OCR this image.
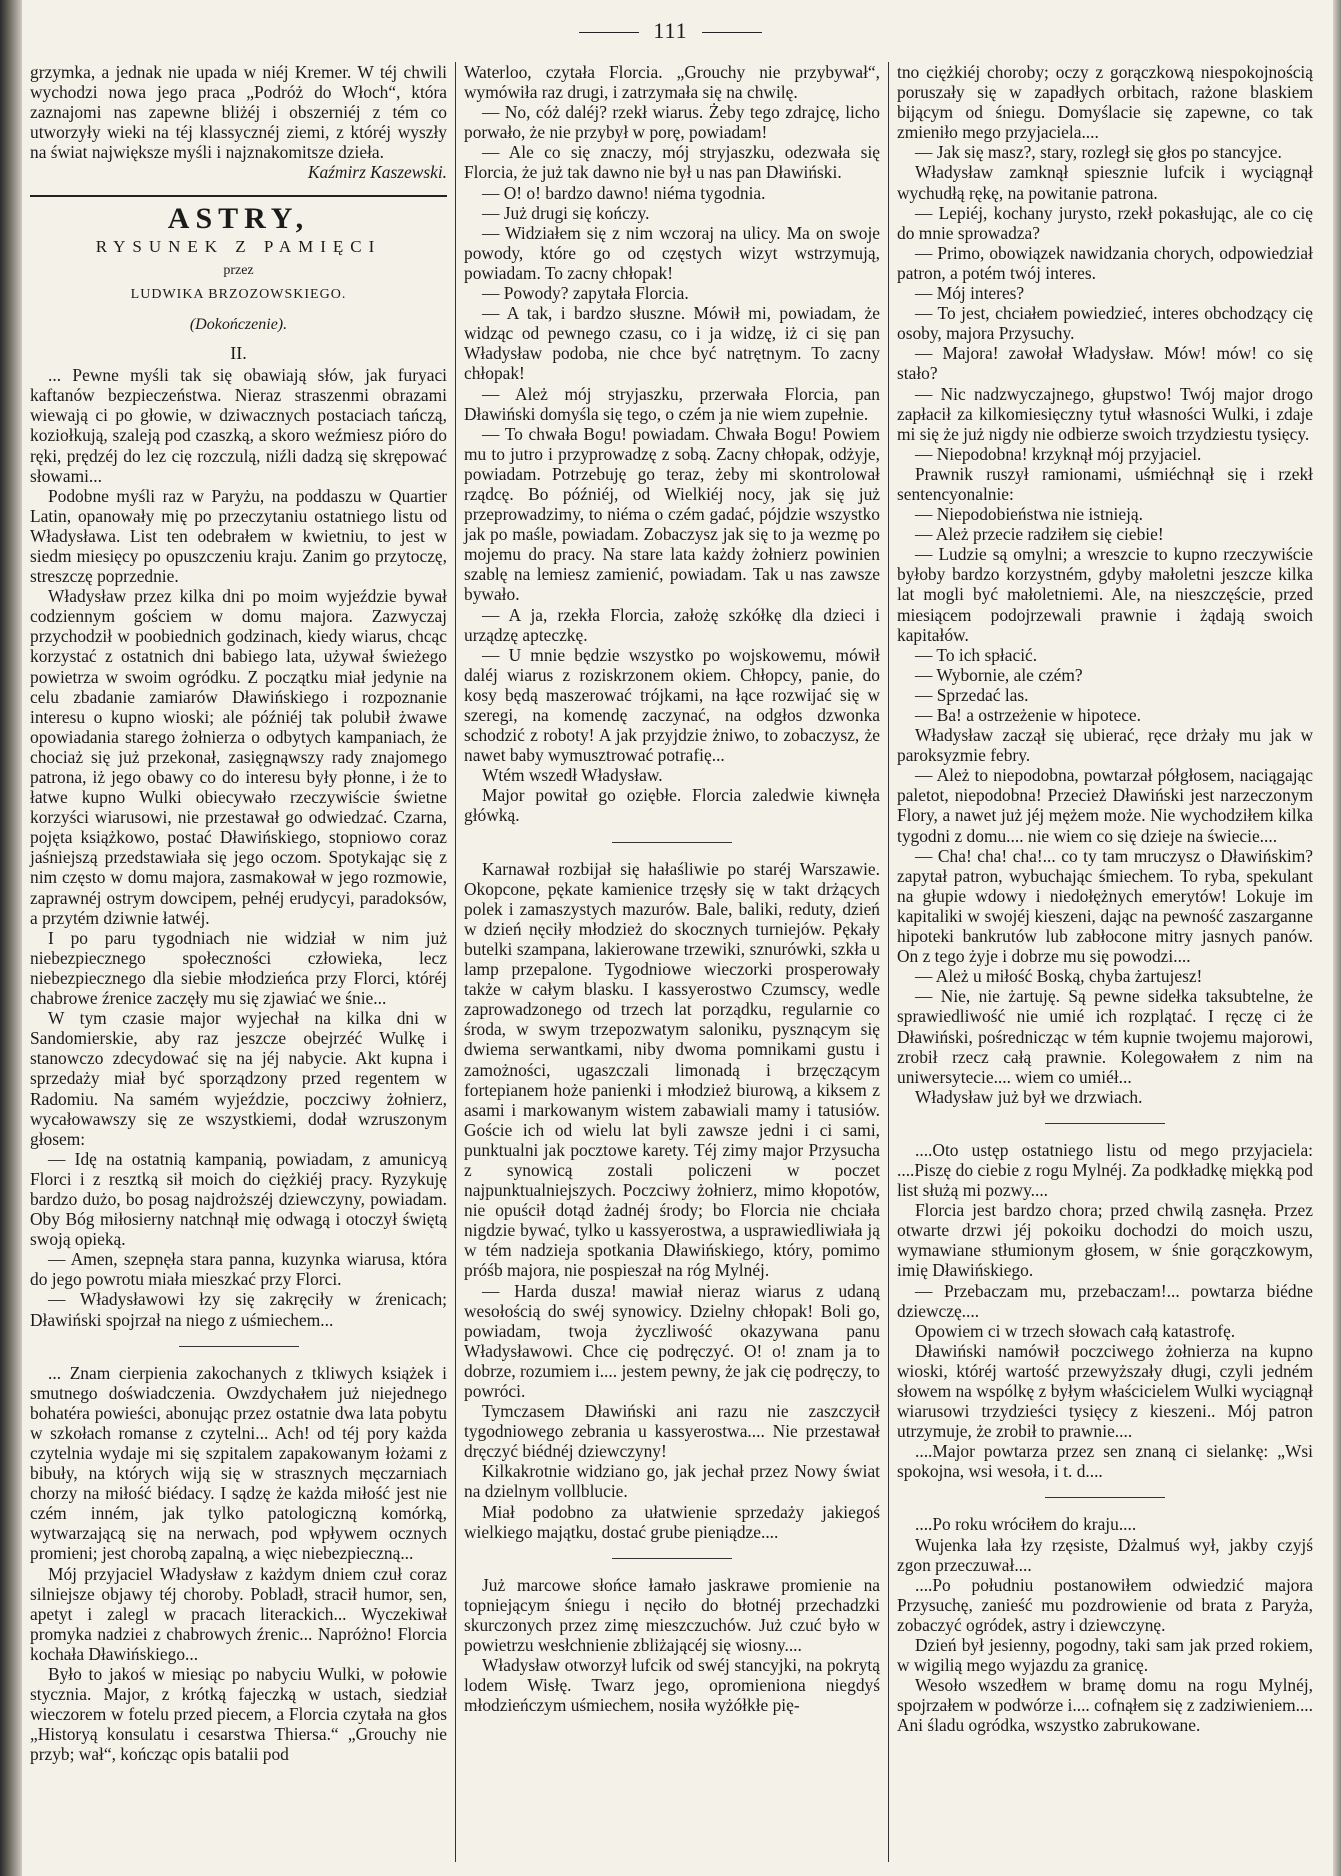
111

grzymka, a jednak nie upada w niéj Kremer. W téj chwili wychodzi nowa jego praca „Podróż do Włoch“, która zaznajomi nas zapewne bliżéj i obszerniéj z tém co utworzyły wieki na téj klassycznéj ziemi, z któréj wyszły na świat największe myśli i najznakomitsze dzieła.

Kaźmirz Kaszewski.

ASTRY,
RYSUNEK Z PAMIĘCI
przez
LUDWIKA BRZOZOWSKIEGO.
(Dokończenie).
II.

... Pewne myśli tak się obawiają słów, jak furyaci kaftanów bezpieczeństwa. Nieraz straszenmi obrazami wiewają ci po głowie, w dziwacznych postaciach tańczą, koziołkują, szaleją pod czaszką, a skoro weźmiesz pióro do ręki, prędzéj do lez cię rozczulą, niźli dadzą się skrępować słowami...

Podobne myśli raz w Paryżu, na poddaszu w Quartier Latin, opanowały mię po przeczytaniu ostatniego listu od Władysława. List ten odebrałem w kwietniu, to jest w siedm miesięcy po opuszczeniu kraju. Zanim go przytoczę, streszczę poprzednie.

Władysław przez kilka dni po moim wyjeździe bywał codziennym gościem w domu majora. Zazwyczaj przychodził w poobiednich godzinach, kiedy wiarus, chcąc korzystać z ostatnich dni babiego lata, używał świeżego powietrza w swoim ogródku. Z początku miał jedynie na celu zbadanie zamiarów Dławińskiego i rozpoznanie interesu o kupno wioski; ale późniéj tak polubił żwawe opowiadania starego żołnierza o odbytych kampaniach, że chociaż się już przekonał, zasięgnąwszy rady znajomego patrona, iż jego obawy co do interesu były płonne, i że to łatwe kupno Wulki obiecywało rzeczywiście świetne korzyści wiarusowi, nie przestawał go odwiedzać. Czarna, pojęta książkowo, postać Dławińskiego, stopniowo coraz jaśniejszą przedstawiała się jego oczom. Spotykając się z nim często w domu majora, zasmakował w jego rozmowie, zaprawnéj ostrym dowcipem, pełnéj erudycyi, paradoksów, a przytém dziwnie łatwéj.

I po paru tygodniach nie widział w nim już niebezpiecznego społeczności człowieka, lecz niebezpiecznego dla siebie młodzieńca przy Florci, któréj chabrowe źrenice zaczęły mu się zjawiać we śnie...

W tym czasie major wyjechał na kilka dni w Sandomierskie, aby raz jeszcze obejrzéć Wulkę i stanowczo zdecydować się na jéj nabycie. Akt kupna i sprzedaży miał być sporządzony przed regentem w Radomiu. Na samém wyjeździe, poczciwy żołnierz, wycałowawszy się ze wszystkiemi, dodał wzruszonym głosem:

— Idę na ostatnią kampanią, powiadam, z amunicyą Florci i z resztką sił moich do ciężkiéj pracy. Ryzykuję bardzo dużo, bo posag najdroższéj dziewczyny, powiadam. Oby Bóg miłosierny natchnął mię odwagą i otoczył świętą swoją opieką.

— Amen, szepnęła stara panna, kuzynka wiarusa, która do jego powrotu miała mieszkać przy Florci.

— Władysławowi łzy się zakręciły w źrenicach; Dławiński spojrzał na niego z uśmiechem...

... Znam cierpienia zakochanych z tkliwych książek i smutnego doświadczenia. Owzdychałem już niejednego bohatéra powieści, abonując przez ostatnie dwa lata pobytu w szkołach romanse z czytelni... Ach! od téj pory każda czytelnia wydaje mi się szpitalem zapakowanym łożami z bibuły, na których wiją się w strasznych męczarniach chorzy na miłość biédacy. I sądzę że każda miłość jest nie czém inném, jak tylko patologiczną komórką, wytwarzającą się na nerwach, pod wpływem ocznych promieni; jest chorobą zapalną, a więc niebezpieczną...

Mój przyjaciel Władysław z każdym dniem czuł coraz silniejsze objawy téj choroby. Pobladł, stracił humor, sen, apetyt i zalegl w pracach literackich... Wyczekiwał promyka nadziei z chabrowych źrenic... Napróżno! Florcia kochała Dławińskiego...

Było to jakoś w miesiąc po nabyciu Wulki, w połowie stycznia. Major, z krótką fajeczką w ustach, siedział wieczorem w fotelu przed piecem, a Florcia czytała na głos „Historyą konsulatu i cesarstwa Thiersa.“ „Grouchy nie przyb; wał“, kończąc opis batalii pod

Waterloo, czytała Florcia. „Grouchy nie przybywał“, wymówiła raz drugi, i zatrzymała się na chwilę.

— No, cóż daléj? rzekł wiarus. Żeby tego zdrajcę, licho porwało, że nie przybył w porę, powiadam!

— Ale co się znaczy, mój stryjaszku, odezwała się Florcia, że już tak dawno nie był u nas pan Dławiński.

— O! o! bardzo dawno! niéma tygodnia.

— Już drugi się kończy.

— Widziałem się z nim wczoraj na ulicy. Ma on swoje powody, które go od częstych wizyt wstrzymują, powiadam. To zacny chłopak!

— Powody? zapytała Florcia.

— A tak, i bardzo słuszne. Mówił mi, powiadam, że widząc od pewnego czasu, co i ja widzę, iż ci się pan Władysław podoba, nie chce być natrętnym. To zacny chłopak!

— Ależ mój stryjaszku, przerwała Florcia, pan Dławiński domyśla się tego, o czém ja nie wiem zupełnie.

— To chwała Bogu! powiadam. Chwała Bogu! Powiem mu to jutro i przyprowadzę z sobą. Zacny chłopak, odżyje, powiadam. Potrzebuję go teraz, żeby mi skontrolował rządcę. Bo późniéj, od Wielkiéj nocy, jak się już przeprowadzimy, to niéma o czém gadać, pójdzie wszystko jak po maśle, powiadam. Zobaczysz jak się to ja wezmę po mojemu do pracy. Na stare lata każdy żołnierz powinien szablę na lemiesz zamienić, powiadam. Tak u nas zawsze bywało.

— A ja, rzekła Florcia, założę szkółkę dla dzieci i urządzę apteczkę.

— U mnie będzie wszystko po wojskowemu, mówił daléj wiarus z roziskrzonem okiem. Chłopcy, panie, do kosy będą maszerować trójkami, na łące rozwijać się w szeregi, na komendę zaczynać, na odgłos dzwonka schodzić z roboty! A jak przyjdzie żniwo, to zobaczysz, że nawet baby wymusztrować potrafię...

Wtém wszedł Władysław.

Major powitał go oziębłe. Florcia zaledwie kiwnęła główką.

Karnawał rozbijał się hałaśliwie po staréj Warszawie. Okopcone, pękate kamienice trzęsły się w takt drżących polek i zamaszystych mazurów. Bale, baliki, reduty, dzień w dzień nęciły młodzież do skocznych turniejów. Pękały butelki szampana, lakierowane trzewiki, sznurówki, szkła u lamp przepalone. Tygodniowe wieczorki prosperowały także w całym blasku. I kassyerostwo Czumscy, wedle zaprowadzonego od trzech lat porządku, regularnie co środa, w swym trzepozwatym saloniku, pysznącym się dwiema serwantkami, niby dwoma pomnikami gustu i zamożności, ugaszczali limonadą i brzęczącym fortepianem hoże panienki i młodzież biurową, a kiksem z asami i markowanym wistem zabawiali mamy i tatusiów. Goście ich od wielu lat byli zawsze jedni i ci sami, punktualni jak pocztowe karety. Téj zimy major Przysucha z synowicą zostali policzeni w poczet najpunktualniejszych. Poczciwy żołnierz, mimo kłopotów, nie opuścił dotąd żadnéj środy; bo Florcia nie chciała nigdzie bywać, tylko u kassyerostwa, a usprawiedliwiała ją w tém nadzieja spotkania Dławińskiego, który, pomimo próśb majora, nie pospieszał na róg Mylnéj.

— Harda dusza! mawiał nieraz wiarus z udaną wesołością do swéj synowicy. Dzielny chłopak! Boli go, powiadam, twoja życzliwość okazywana panu Władysławowi. Chce cię podręczyć. O! o! znam ja to dobrze, rozumiem i.... jestem pewny, że jak cię podręczy, to powróci.

Tymczasem Dławiński ani razu nie zaszczycił tygodniowego zebrania u kassyerostwa.... Nie przestawał dręczyć biédnéj dziewczyny!

Kilkakrotnie widziano go, jak jechał przez Nowy świat na dzielnym vollblucie.

Miał podobno za ułatwienie sprzedaży jakiegoś wielkiego majątku, dostać grube pieniądze....

Już marcowe słońce łamało jaskrawe promienie na topniejącym śniegu i nęciło do błotnéj przechadzki skurczonych przez zimę mieszczuchów. Już czuć było w powietrzu wesłchnienie zbliżającéj się wiosny....

Władysław otworzył lufcik od swéj stancyjki, na pokrytą lodem Wisłę. Twarz jego, opromieniona niegdyś młodzieńczym uśmiechem, nosiła wyżółkłe pię-

tno ciężkiéj choroby; oczy z gorączkową niespokojnością poruszały się w zapadłych orbitach, rażone blaskiem bijącym od śniegu. Domyślacie się zapewne, co tak zmieniło mego przyjaciela....

— Jak się masz?, stary, rozległ się głos po stancyjce.

Władysław zamknął spiesznie lufcik i wyciągnął wychudłą rękę, na powitanie patrona.

— Lepiéj, kochany jurysto, rzekł pokasłując, ale co cię do mnie sprowadza?

— Primo, obowiązek nawidzania chorych, odpowiedział patron, a potém twój interes.

— Mój interes?

— To jest, chciałem powiedzieć, interes obchodzący cię osoby, majora Przysuchy.

— Majora! zawołał Władysław. Mów! mów! co się stało?

— Nic nadzwyczajnego, głupstwo! Twój major drogo zapłacił za kilkomiesięczny tytuł własności Wulki, i zdaje mi się że już nigdy nie odbierze swoich trzydziestu tysięcy.

— Niepodobna! krzyknął mój przyjaciel.

Prawnik ruszył ramionami, uśmiéchnął się i rzekł sentencyonalnie:

— Niepodobieństwa nie istnieją.

— Ależ przecie radziłem się ciebie!

— Ludzie są omylni; a wreszcie to kupno rzeczywiście byłoby bardzo korzystném, gdyby małoletni jeszcze kilka lat mogli być małoletniemi. Ale, na nieszczęście, przed miesiącem podojrzewali prawnie i żądają swoich kapitałów.

— To ich spłacić.

— Wybornie, ale czém?

— Sprzedać las.

— Ba! a ostrzeżenie w hipotece.

Władysław zaczął się ubierać, ręce drżały mu jak w paroksyzmie febry.

— Ależ to niepodobna, powtarzał półgłosem, naciągając paletot, niepodobna! Przecież Dławiński jest narzeczonym Flory, a nawet już jéj mężem może. Nie wychodziłem kilka tygodni z domu.... nie wiem co się dzieje na świecie....

— Cha! cha! cha!... co ty tam mruczysz o Dławińskim? zapytał patron, wybuchając śmiechem. To ryba, spekulant na głupie wdowy i niedołężnych emerytów! Lokuje im kapitaliki w swojéj kieszeni, dając na pewność zaszarganne hipoteki bankrutów lub zabłocone mitry jasnych panów. On z tego żyje i dobrze mu się powodzi....

— Ależ u miłość Boską, chyba żartujesz!

— Nie, nie żartuję. Są pewne sidełka taksubtelne, że sprawiedliwość nie umié ich rozplątać. I ręczę ci że Dławiński, pośrednicząc w tém kupnie twojemu majorowi, zrobił rzecz całą prawnie. Kolegowałem z nim na uniwersytecie.... wiem co umiéł...

Władysław już był we drzwiach.

....Oto ustęp ostatniego listu od mego przyjaciela: ....Piszę do ciebie z rogu Mylnéj. Za podkładkę miękką pod list służą mi pozwy....

Florcia jest bardzo chora; przed chwilą zasnęła. Przez otwarte drzwi jéj pokoiku dochodzi do moich uszu, wymawiane stłumionym głosem, w śnie gorączkowym, imię Dławińskiego.

— Przebaczam mu, przebaczam!... powtarza biédne dziewczę....

Opowiem ci w trzech słowach całą katastrofę.

Dławiński namówił poczciwego żołnierza na kupno wioski, któréj wartość przewyższały długi, czyli jedném słowem na wspólkę z byłym właścicielem Wulki wyciągnął wiarusowi trzydzieści tysięcy z kieszeni.. Mój patron utrzymuje, że zrobił to prawnie....

....Major powtarza przez sen znaną ci sielankę: „Wsi spokojna, wsi wesoła, i t. d....

....Po roku wróciłem do kraju....

Wujenka lała łzy rzęsiste, Dżalmuś wył, jakby czyjś zgon przeczuwał....

....Po południu postanowiłem odwiedzić majora Przysuchę, zanieść mu pozdrowienie od brata z Paryża, zobaczyć ogródek, astry i dziewczynę.

Dzień był jesienny, pogodny, taki sam jak przed rokiem, w wigilią mego wyjazdu za granicę.

Wesoło wszedłem w bramę domu na rogu Mylnéj, spojrzałem w podwórze i.... cofnąłem się z zadziwieniem.... Ani śladu ogródka, wszystko zabrukowane.
